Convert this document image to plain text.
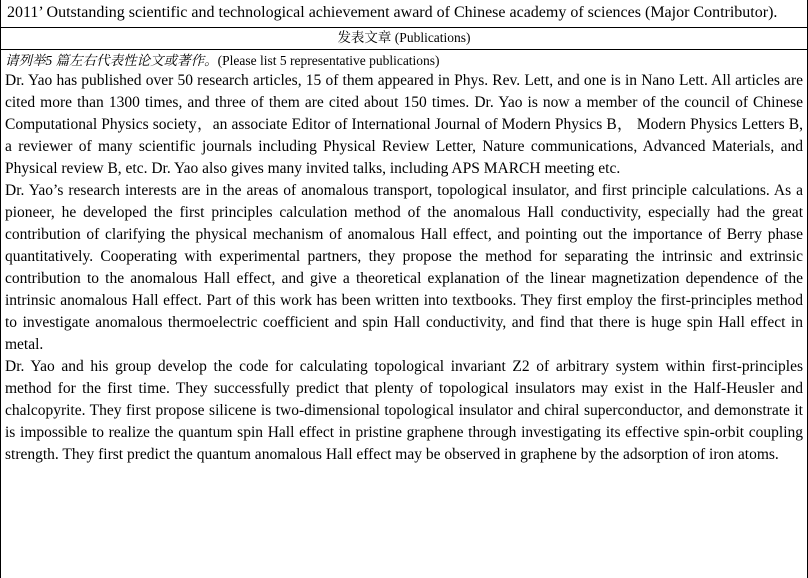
2011’ Outstanding scientific and technological achievement award of Chinese academy of sciences (Major Contributor).
发表文章 (Publications)
请列举5 篇左右代表性论文或著作。(Please list 5 representative publications)

Dr. Yao has published over 50 research articles, 15 of them appeared in Phys. Rev. Lett, and one is in Nano Lett. All articles are cited more than 1300 times, and three of them are cited about 150 times. Dr. Yao is now a member of the council of Chinese Computational Physics society，an associate Editor of International Journal of Modern Physics B， Modern Physics Letters B, a reviewer of many scientific journals including Physical Review Letter, Nature communications, Advanced Materials, and Physical review B, etc. Dr. Yao also gives many invited talks, including APS MARCH meeting etc.

Dr. Yao’s research interests are in the areas of anomalous transport, topological insulator, and first principle calculations. As a pioneer, he developed the first principles calculation method of the anomalous Hall conductivity, especially had the great contribution of clarifying the physical mechanism of anomalous Hall effect, and pointing out the importance of Berry phase quantitatively. Cooperating with experimental partners, they propose the method for separating the intrinsic and extrinsic contribution to the anomalous Hall effect, and give a theoretical explanation of the linear magnetization dependence of the intrinsic anomalous Hall effect. Part of this work has been written into textbooks. They first employ the first-principles method to investigate anomalous thermoelectric coefficient and spin Hall conductivity, and find that there is huge spin Hall effect in metal.

Dr. Yao and his group develop the code for calculating topological invariant Z2 of arbitrary system within first-principles method for the first time. They successfully predict that plenty of topological insulators may exist in the Half-Heusler and chalcopyrite. They first propose silicene is two-dimensional topological insulator and chiral superconductor, and demonstrate it is impossible to realize the quantum spin Hall effect in pristine graphene through investigating its effective spin-orbit coupling strength. They first predict the quantum anomalous Hall effect may be observed in graphene by the adsorption of iron atoms.
